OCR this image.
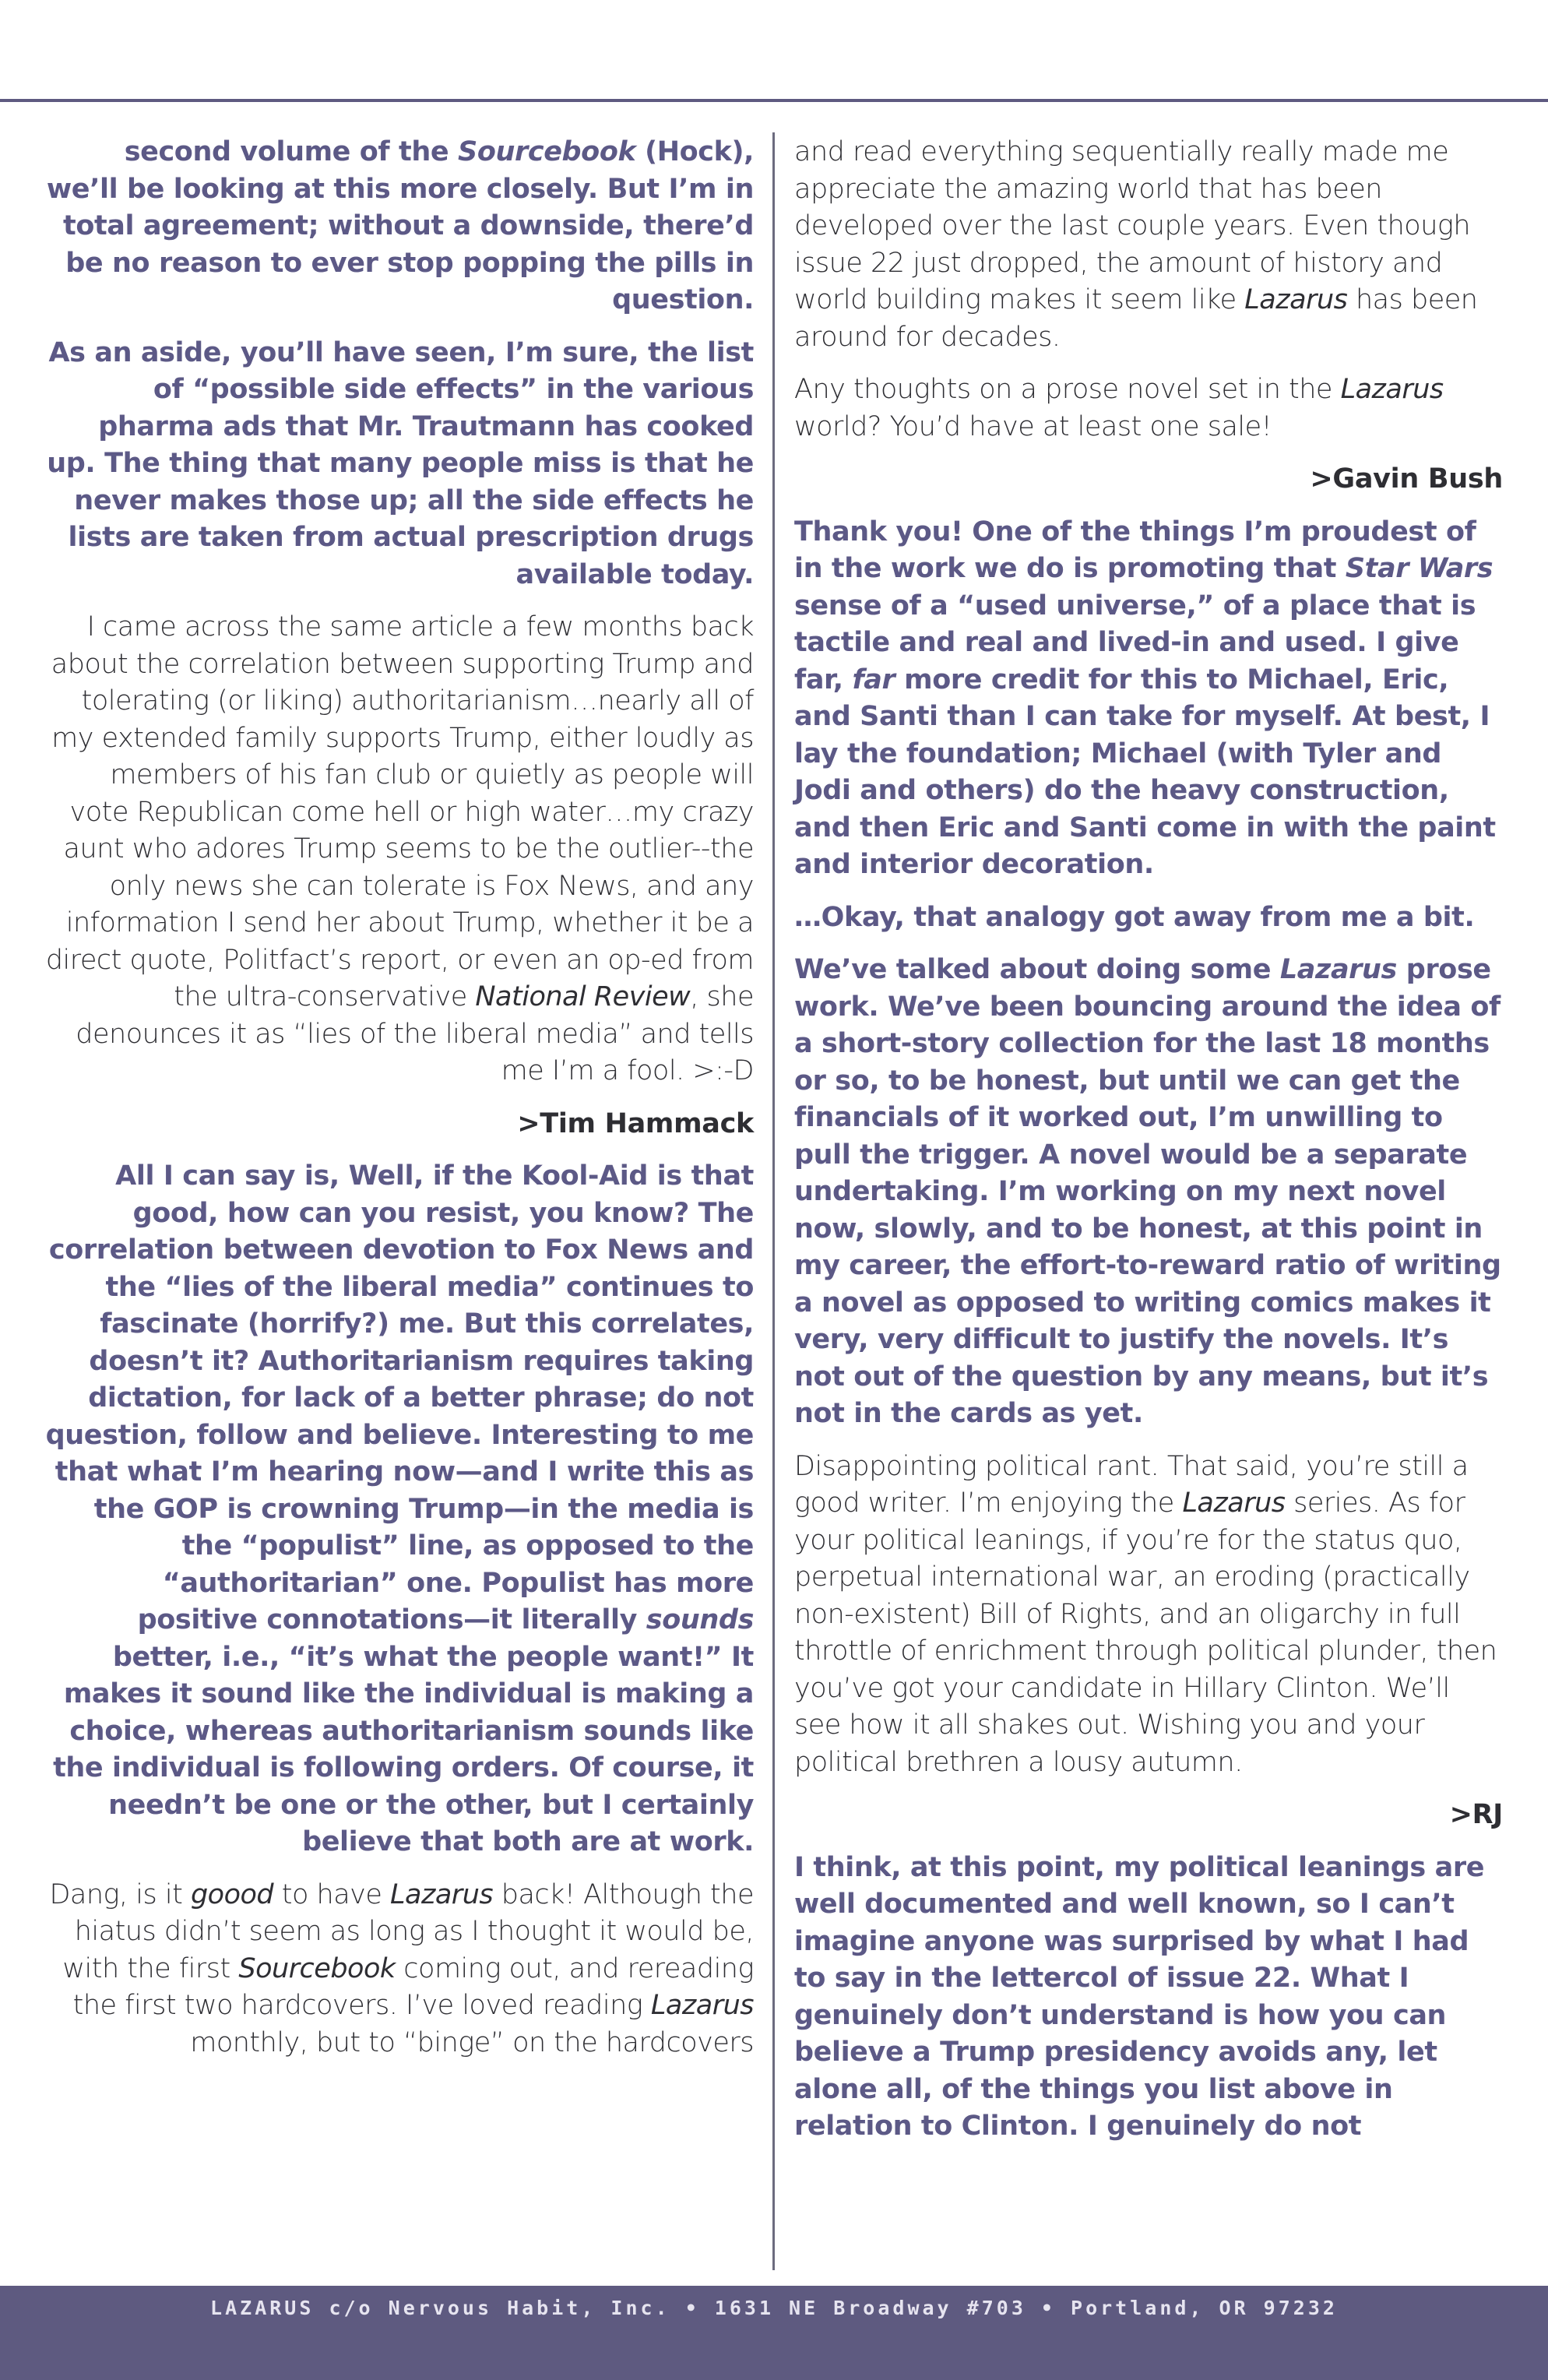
second volume of the Sourcebook (Hock), we’ll be looking at this more closely. But I’m in total agreement; without a downside, there’d be no reason to ever stop popping the pills in question.

As an aside, you’ll have seen, I’m sure, the list of “possible side effects” in the various pharma ads that Mr. Trautmann has cooked up. The thing that many people miss is that he never makes those up; all the side effects he lists are taken from actual prescription drugs available today.

I came across the same article a few months back about the correlation between supporting Trump and tolerating (or liking) authoritarianism…nearly all of my extended family supports Trump, either loudly as members of his fan club or quietly as people will vote Republican come hell or high water…my crazy aunt who adores Trump seems to be the outlier--the only news she can tolerate is Fox News, and any information I send her about Trump, whether it be a direct quote, Politfact’s report, or even an op-ed from the ultra-conservative National Review, she denounces it as “lies of the liberal media” and tells me I’m a fool. >:-D

>Tim Hammack

All I can say is, Well, if the Kool-Aid is that good, how can you resist, you know? The correlation between devotion to Fox News and the “lies of the liberal media” continues to fascinate (horrify?) me. But this correlates, doesn’t it? Authoritarianism requires taking dictation, for lack of a better phrase; do not question, follow and believe. Interesting to me that what I’m hearing now—and I write this as the GOP is crowning Trump—in the media is the “populist” line, as opposed to the “authoritarian” one. Populist has more positive connotations—it literally sounds better, i.e., “it’s what the people want!” It makes it sound like the individual is making a choice, whereas authoritarianism sounds like the individual is following orders. Of course, it needn’t be one or the other, but I certainly believe that both are at work.

Dang, is it goood to have Lazarus back! Although the hiatus didn’t seem as long as I thought it would be, with the first Sourcebook coming out, and rereading the first two hardcovers. I’ve loved reading Lazarus monthly, but to “binge” on the hardcovers

and read everything sequentially really made me appreciate the amazing world that has been developed over the last couple years. Even though issue 22 just dropped, the amount of history and world building makes it seem like Lazarus has been around for decades.

Any thoughts on a prose novel set in the Lazarus world? You’d have at least one sale!

>Gavin Bush

Thank you! One of the things I’m proudest of in the work we do is promoting that Star Wars sense of a “used universe,” of a place that is tactile and real and lived-in and used. I give far, far more credit for this to Michael, Eric, and Santi than I can take for myself. At best, I lay the foundation; Michael (with Tyler and Jodi and others) do the heavy construction, and then Eric and Santi come in with the paint and interior decoration.

…Okay, that analogy got away from me a bit.

We’ve talked about doing some Lazarus prose work. We’ve been bouncing around the idea of a short-story collection for the last 18 months or so, to be honest, but until we can get the financials of it worked out, I’m unwilling to pull the trigger. A novel would be a separate undertaking. I’m working on my next novel now, slowly, and to be honest, at this point in my career, the effort-to-reward ratio of writing a novel as opposed to writing comics makes it very, very difficult to justify the novels. It’s not out of the question by any means, but it’s not in the cards as yet.

Disappointing political rant. That said, you’re still a good writer. I’m enjoying the Lazarus series. As for your political leanings, if you’re for the status quo, perpetual international war, an eroding (practically non-existent) Bill of Rights, and an oligarchy in full throttle of enrichment through political plunder, then you’ve got your candidate in Hillary Clinton. We’ll see how it all shakes out. Wishing you and your political brethren a lousy autumn.

>RJ

I think, at this point, my political leanings are well documented and well known, so I can’t imagine anyone was surprised by what I had to say in the lettercol of issue 22. What I genuinely don’t understand is how you can believe a Trump presidency avoids any, let alone all, of the things you list above in relation to Clinton. I genuinely do not

LAZARUS c/o Nervous Habit, Inc. • 1631 NE Broadway #703 • Portland, OR 97232
